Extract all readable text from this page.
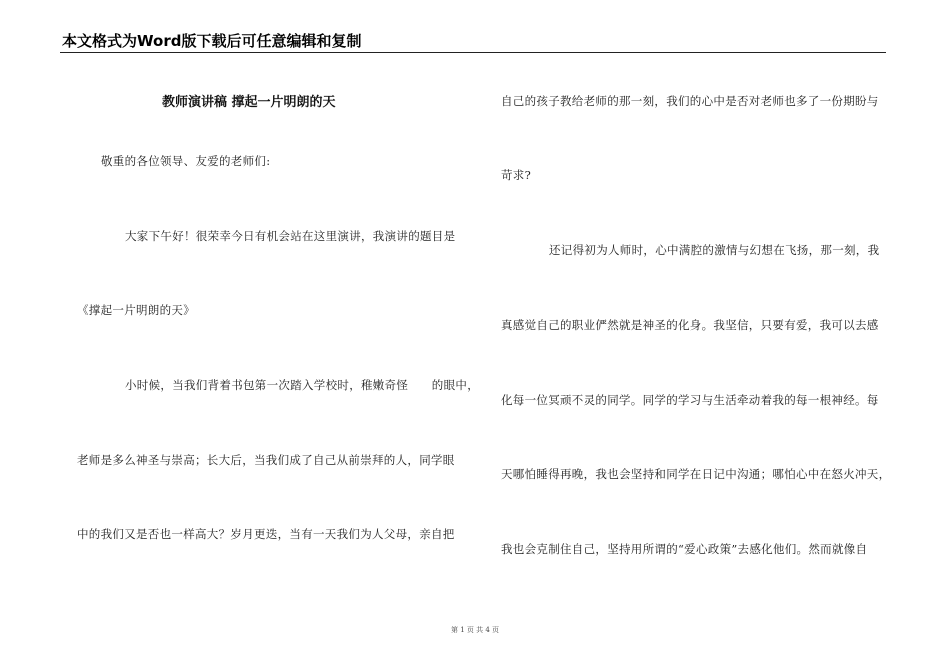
本文格式为Word版下载后可任意编辑和复制
教师演讲稿 撑起一片明朗的天
敬重的各位领导、友爱的老师们:
大家下午好！很荣幸今日有机会站在这里演讲，我演讲的题目是
《撑起一片明朗的天》
小时候，当我们背着书包第一次踏入学校时，稚嫩奇怪　　的眼中，
老师是多么神圣与崇高；长大后，当我们成了自己从前崇拜的人，同学眼
中的我们又是否也一样高大？岁月更迭，当有一天我们为人父母，亲自把
自己的孩子教给老师的那一刻，我们的心中是否对老师也多了一份期盼与
苛求?
还记得初为人师时，心中满腔的激情与幻想在飞扬，那一刻，我
真感觉自己的职业俨然就是神圣的化身。我坚信，只要有爱，我可以去感
化每一位冥顽不灵的同学。同学的学习与生活牵动着我的每一根神经。每
天哪怕睡得再晚，我也会坚持和同学在日记中沟通；哪怕心中在怒火冲天，
我也会克制住自己，坚持用所谓的“爱心政策”去感化他们。然而就像自
第 1 页 共 4 页
